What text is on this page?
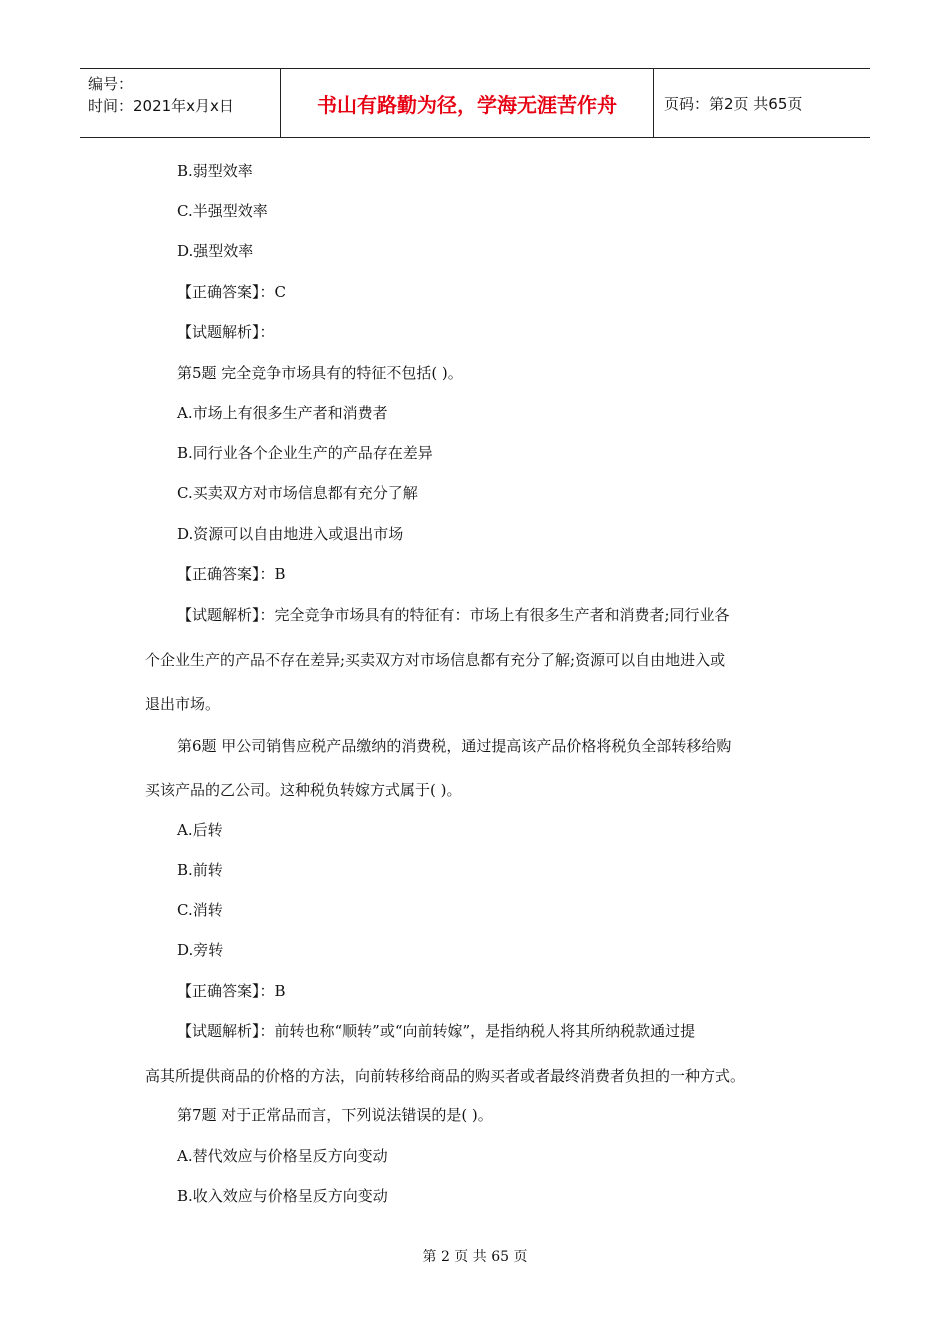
编号：
时间：2021年x月x日	书山有路勤为径，学海无涯苦作舟	页码：第2页 共65页
B.弱型效率
C.半强型效率
D.强型效率
【正确答案】：C
【试题解析】：
第5题 完全竞争市场具有的特征不包括( )。
A.市场上有很多生产者和消费者
B.同行业各个企业生产的产品存在差异
C.买卖双方对市场信息都有充分了解
D.资源可以自由地进入或退出市场
【正确答案】：B
【试题解析】：完全竞争市场具有的特征有：市场上有很多生产者和消费者;同行业各
个企业生产的产品不存在差异;买卖双方对市场信息都有充分了解;资源可以自由地进入或
退出市场。
第6题 甲公司销售应税产品缴纳的消费税，通过提高该产品价格将税负全部转移给购
买该产品的乙公司。这种税负转嫁方式属于( )。
A.后转
B.前转
C.消转
D.旁转
【正确答案】：B
【试题解析】：前转也称“顺转”或“向前转嫁”，是指纳税人将其所纳税款通过提
高其所提供商品的价格的方法，向前转移给商品的购买者或者最终消费者负担的一种方式。
第7题 对于正常品而言，下列说法错误的是( )。
A.替代效应与价格呈反方向变动
B.收入效应与价格呈反方向变动
第 2 页 共 65 页
